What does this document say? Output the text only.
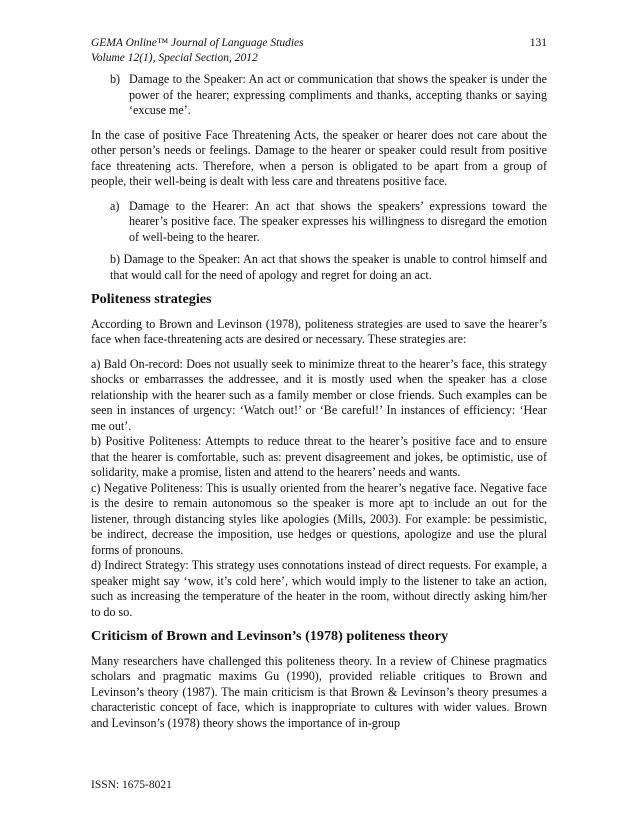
GEMA Online™ Journal of Language Studies
Volume 12(1), Special Section, 2012
131
b) Damage to the Speaker: An act or communication that shows the speaker is under the power of the hearer; expressing compliments and thanks, accepting thanks or saying ‘excuse me’.

In the case of positive Face Threatening Acts, the speaker or hearer does not care about the other person’s needs or feelings. Damage to the hearer or speaker could result from positive face threatening acts. Therefore, when a person is obligated to be apart from a group of people, their well-being is dealt with less care and threatens positive face.

a) Damage to the Hearer: An act that shows the speakers’ expressions toward the hearer’s positive face. The speaker expresses his willingness to disregard the emotion of well-being to the hearer.

b) Damage to the Speaker: An act that shows the speaker is unable to control himself and that would call for the need of apology and regret for doing an act.

Politeness strategies

According to Brown and Levinson (1978), politeness strategies are used to save the hearer’s face when face-threatening acts are desired or necessary. These strategies are:

a) Bald On-record: Does not usually seek to minimize threat to the hearer’s face, this strategy shocks or embarrasses the addressee, and it is mostly used when the speaker has a close relationship with the hearer such as a family member or close friends. Such examples can be seen in instances of urgency: ‘Watch out!’ or ‘Be careful!’ In instances of efficiency: ‘Hear me out’.

b) Positive Politeness: Attempts to reduce threat to the hearer’s positive face and to ensure that the hearer is comfortable, such as: prevent disagreement and jokes, be optimistic, use of solidarity, make a promise, listen and attend to the hearers’ needs and wants.

c) Negative Politeness: This is usually oriented from the hearer’s negative face. Negative face is the desire to remain autonomous so the speaker is more apt to include an out for the listener, through distancing styles like apologies (Mills, 2003). For example: be pessimistic, be indirect, decrease the imposition, use hedges or questions, apologize and use the plural forms of pronouns.

d) Indirect Strategy: This strategy uses connotations instead of direct requests. For example, a speaker might say ‘wow, it’s cold here’, which would imply to the listener to take an action, such as increasing the temperature of the heater in the room, without directly asking him/her to do so.

Criticism of Brown and Levinson’s (1978) politeness theory

Many researchers have challenged this politeness theory. In a review of Chinese pragmatics scholars and pragmatic maxims Gu (1990), provided reliable critiques to Brown and Levinson’s theory (1987). The main criticism is that Brown & Levinson’s theory presumes a characteristic concept of face, which is inappropriate to cultures with wider values. Brown and Levinson’s (1978) theory shows the importance of in-group

ISSN: 1675-8021
